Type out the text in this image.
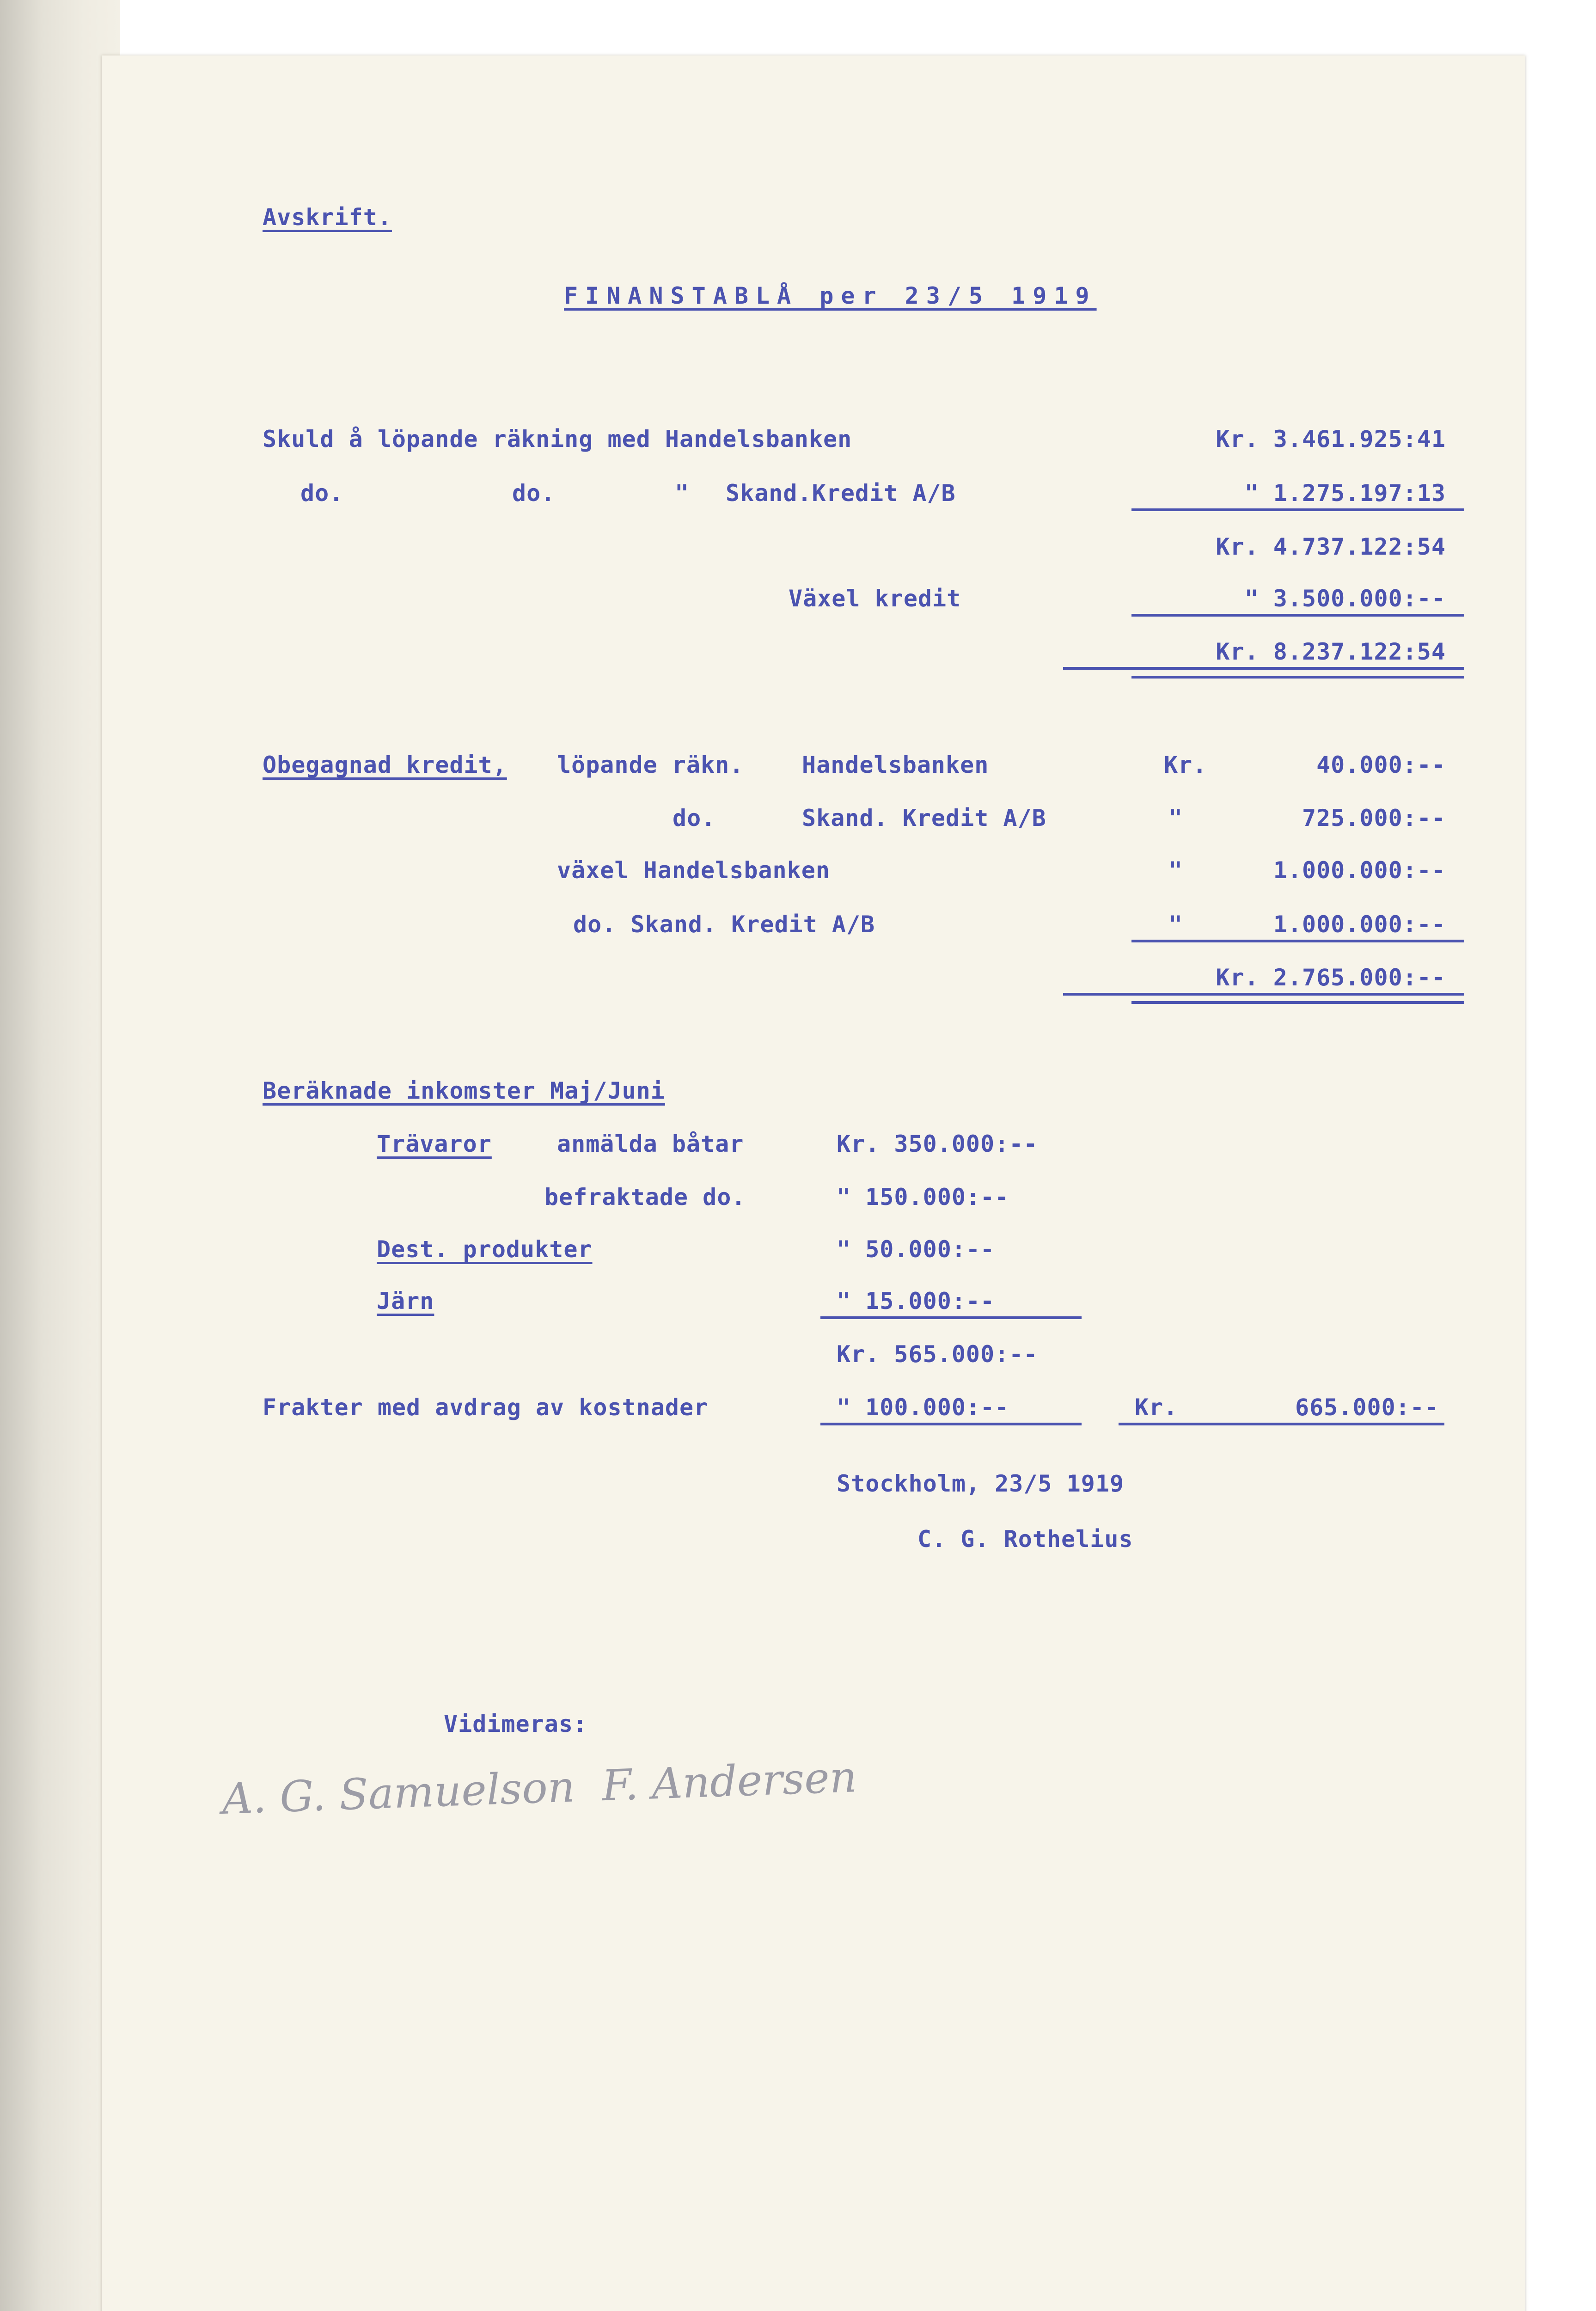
Avskrift.
FINANSTABLÅ per 23/5 1919
Skuld å löpande räkning med Handelsbanken	Kr. 3.461.925:41
do.	do.	" Skand.Kredit A/B	" 1.275.197:13
Kr. 4.737.122:54
Växel kredit	" 3.500.000:--
Kr. 8.237.122:54
Obegagnad kredit, löpande räkn.	Handelsbanken	Kr.	40.000:--
do.	Skand. Kredit A/B	"	725.000:--
växel Handelsbanken	"	1.000.000:--
do. Skand. Kredit A/B	"	1.000.000:--
Kr. 2.765.000:--
Beräknade inkomster Maj/Juni
Trävaror	anmälda båtar	Kr. 350.000:--
befraktade do.	" 150.000:--
Dest. produkter	" 50.000:--
Järn	" 15.000:--
Kr. 565.000:--
Frakter med avdrag av kostnader	" 100.000:--	Kr.	665.000:--
Stockholm, 23/5 1919
C. G. Rothelius
Vidimeras:
A. G. Samuelson  F. Andersen
